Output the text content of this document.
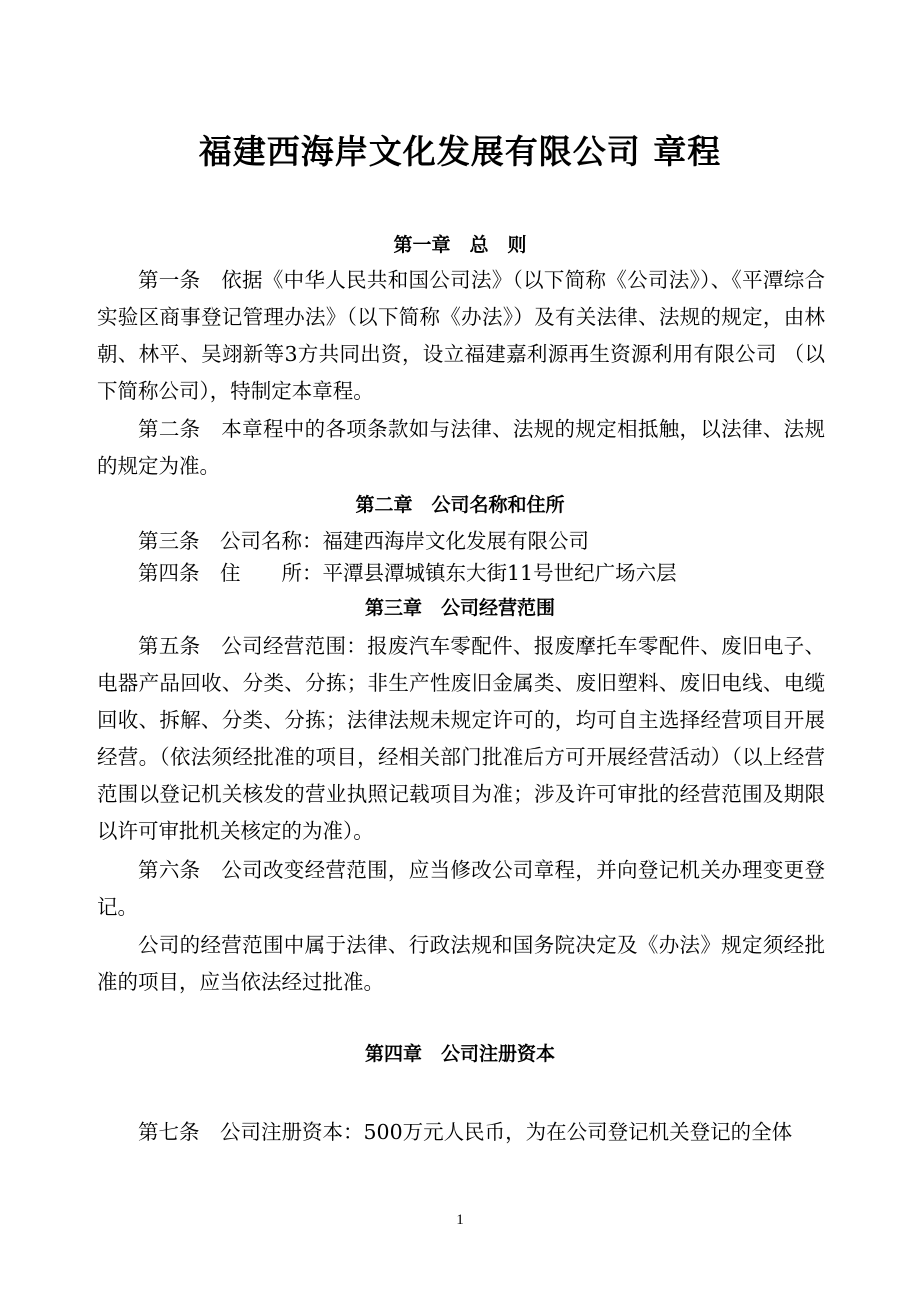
福建西海岸文化发展有限公司 章程
第一章　总　则

第一条　依据《中华人民共和国公司法》（以下简称《公司法》）、《平潭综合实验区商事登记管理办法》（以下简称《办法》）及有关法律、法规的规定，由林朝、林平、吴翊新等3方共同出资，设立福建嘉利源再生资源利用有限公司 （以下简称公司），特制定本章程。

第二条　本章程中的各项条款如与法律、法规的规定相抵触，以法律、法规的规定为准。

第二章　公司名称和住所

第三条　公司名称：福建西海岸文化发展有限公司

第四条　住　　所：平潭县潭城镇东大街11号世纪广场六层

第三章　公司经营范围

第五条　公司经营范围：报废汽车零配件、报废摩托车零配件、废旧电子、电器产品回收、分类、分拣；非生产性废旧金属类、废旧塑料、废旧电线、电缆回收、拆解、分类、分拣；法律法规未规定许可的，均可自主选择经营项目开展经营。（依法须经批准的项目，经相关部门批准后方可开展经营活动）（以上经营范围以登记机关核发的营业执照记载项目为准；涉及许可审批的经营范围及期限以许可审批机关核定的为准）。

第六条　公司改变经营范围，应当修改公司章程，并向登记机关办理变更登记。

公司的经营范围中属于法律、行政法规和国务院决定及《办法》规定须经批准的项目，应当依法经过批准。

第四章　公司注册资本

第七条　公司注册资本：500万元人民币，为在公司登记机关登记的全体

1
